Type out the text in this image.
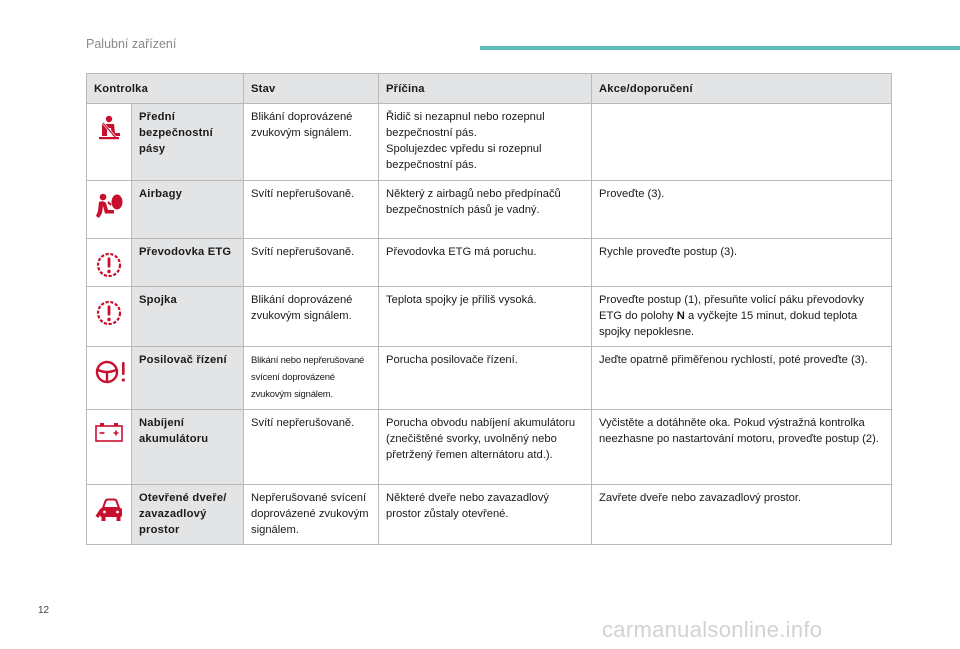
Palubní zařízení
Kontrolka		Stav	Příčina	Akce/doporučení

	Přední bezpečnostní pásy	Blikání doprovázené zvukovým signálem.	Řidič si nezapnul nebo rozepnul bezpečnostní pás.
Spolujezdec vpředu si rozepnul bezpečnostní pás.	

	Airbagy	Svítí nepřerušovaně.	Některý z airbagů nebo předpínačů bezpečnostních pásů je vadný.	Proveďte (3).

	Převodovka ETG	Svítí nepřerušovaně.	Převodovka ETG má poruchu.	Rychle proveďte postup (3).

	Spojka	Blikání doprovázené zvukovým signálem.	Teplota spojky je příliš vysoká.	Proveďte postup (1), přesuňte volicí páku převodovky ETG do polohy N a vyčkejte 15 minut, dokud teplota spojky nepoklesne.

	Posilovač řízení	Blikání nebo nepřerušované svícení doprovázené zvukovým signálem.	Porucha posilovače řízení.	Jeďte opatrně přiměřenou rychlostí, poté proveďte (3).

	Nabíjení akumulátoru	Svítí nepřerušovaně.	Porucha obvodu nabíjení akumulátoru (znečištěné svorky, uvolněný nebo přetržený řemen alternátoru atd.).	Vyčistěte a dotáhněte oka. Pokud výstražná kontrolka neezhasne po nastartování motoru, proveďte postup (2).

	Otevřené dveře/ zavazadlový prostor	Nepřerušované svícení doprovázené zvukovým signálem.	Některé dveře nebo zavazadlový prostor zůstaly otevřené.	Zavřete dveře nebo zavazadlový prostor.
12
carmanualsonline.info
